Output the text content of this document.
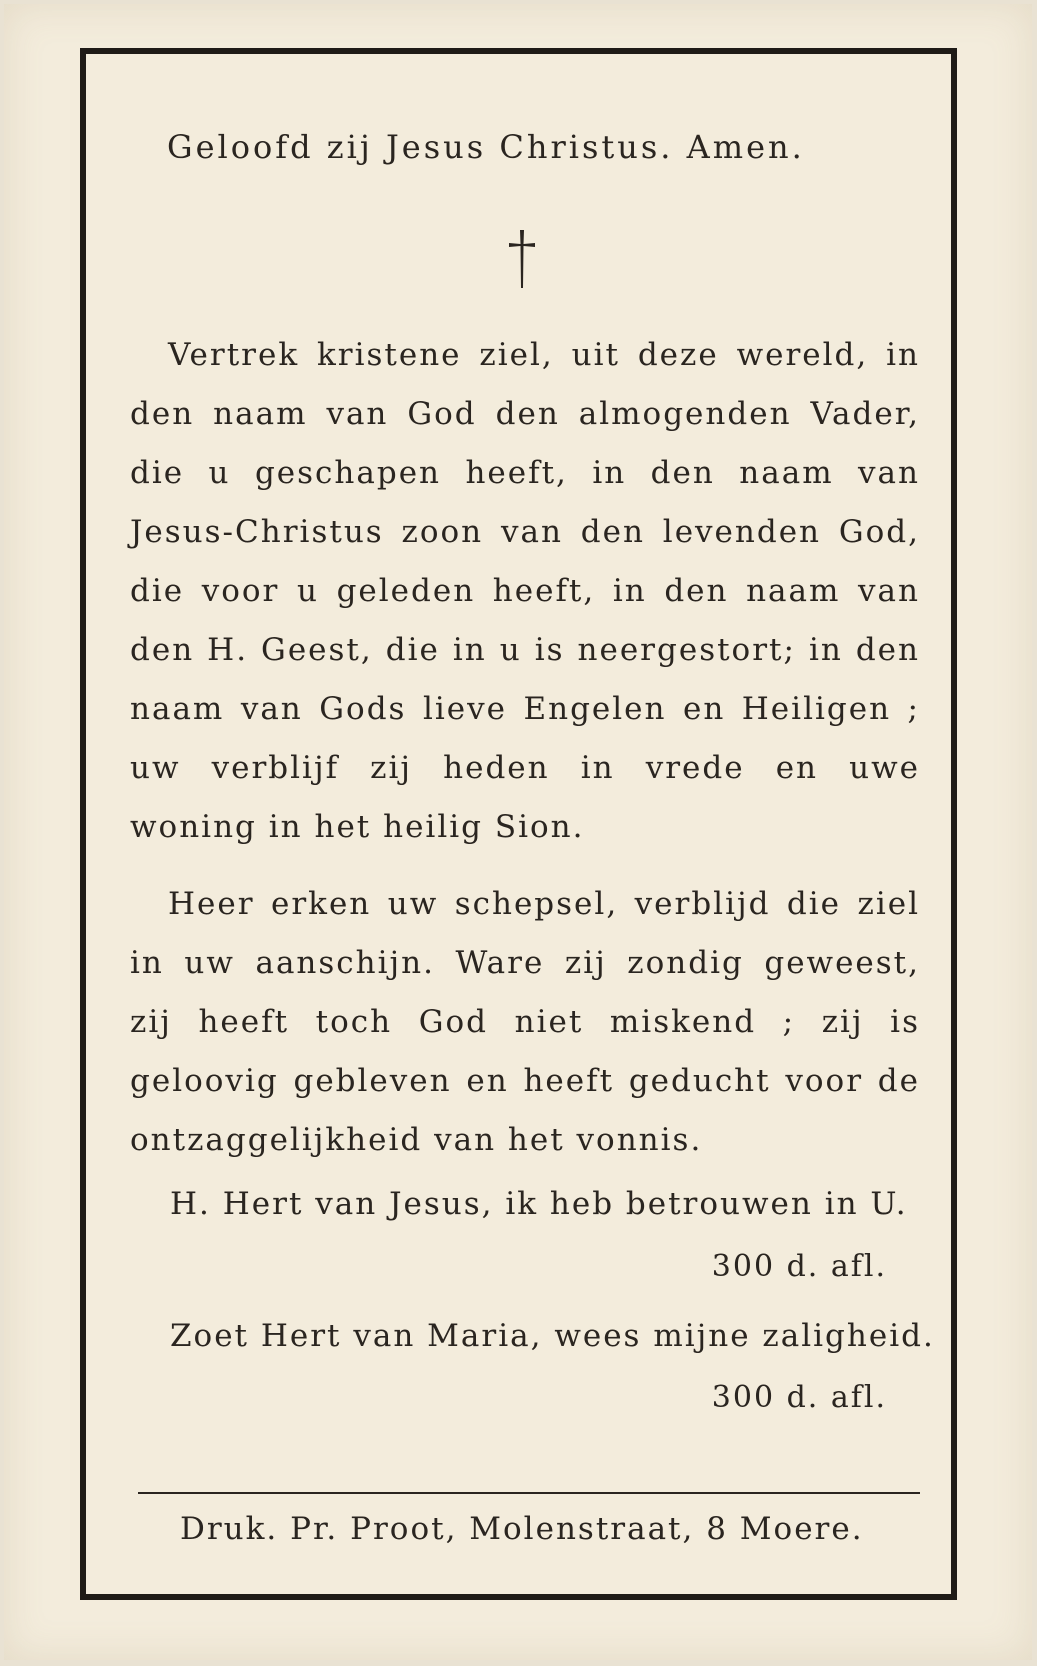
Geloofd zij Jesus Christus. Amen.

Vertrek kristene ziel, uit deze wereld, in den naam van God den almogenden Vader, die u geschapen heeft, in den naam van Jesus-Christus zoon van den levenden God, die voor u geleden heeft, in den naam van den H. Geest, die in u is neergestort; in den naam van Gods lieve Engelen en Heiligen ; uw verblijf zij heden in vrede en uwe woning in het heilig Sion.

Heer erken uw schepsel, verblijd die ziel in uw aanschijn. Ware zij zondig geweest, zij heeft toch God niet miskend ; zij is geloovig gebleven en heeft geducht voor de ontzaggelijkheid van het vonnis.

H. Hert van Jesus, ik heb betrouwen in U.
300 d. afl.
Zoet Hert van Maria, wees mijne zaligheid.
300 d. afl.
Druk. Pr. Proot, Molenstraat, 8 Moere.
